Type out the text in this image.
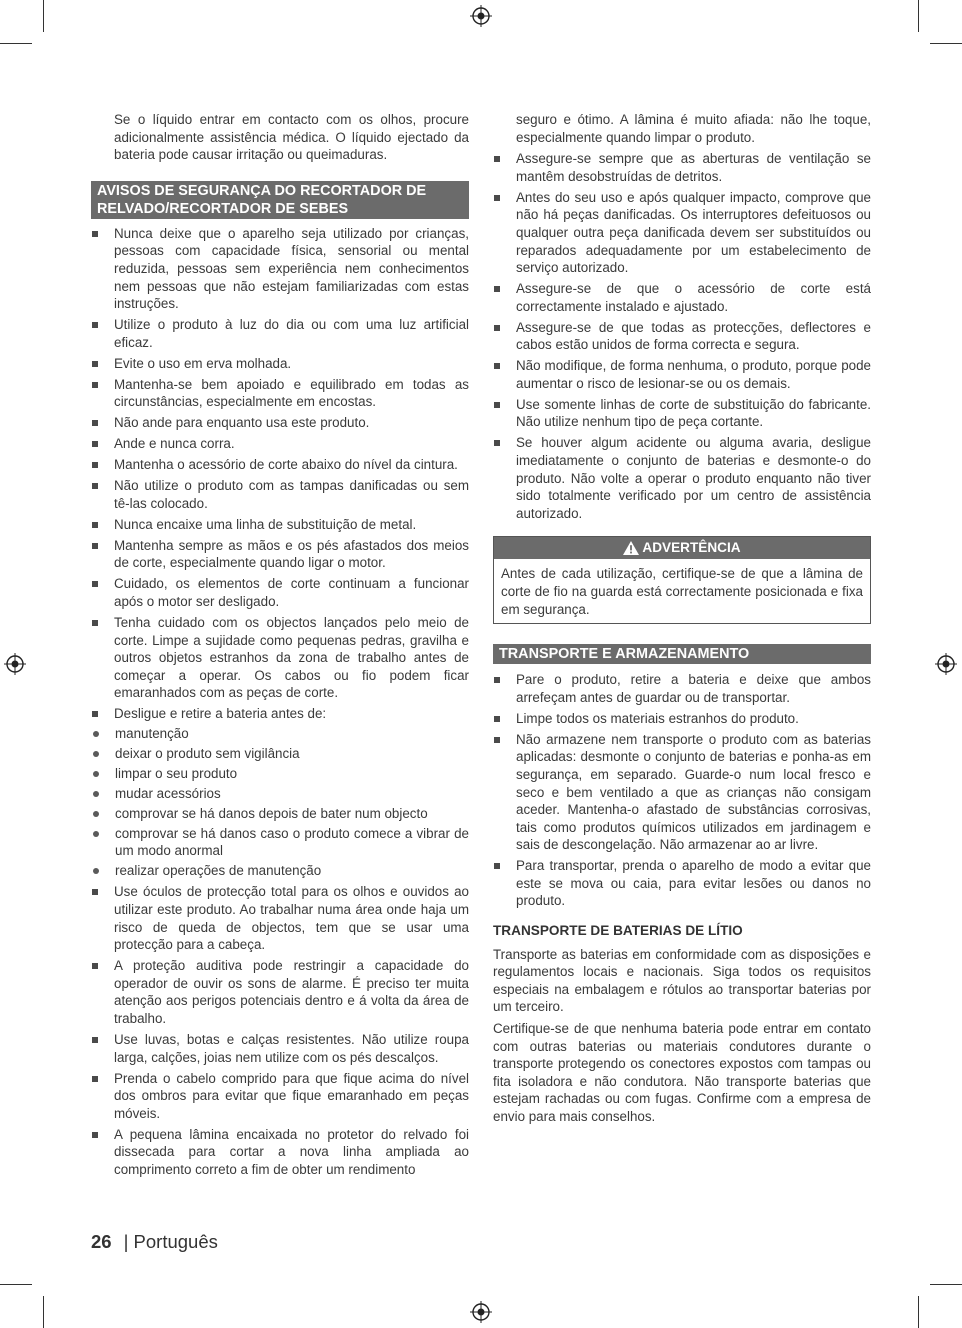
Se o líquido entrar em contacto com os olhos, procure adicionalmente assistência médica. O líquido ejectado da bateria pode causar irritação ou queimaduras.

AVISOS DE SEGURANÇA DO RECORTADOR DE RELVADO/RECORTADOR DE SEBES
Nunca deixe que o aparelho seja utilizado por crianças, pessoas com capacidade física, sensorial ou mental reduzida, pessoas sem experiência nem conhecimentos nem pessoas que não estejam familiarizadas com estas instruções.
Utilize o produto à luz do dia ou com uma luz artificial eficaz.
Evite o uso em erva molhada.
Mantenha-se bem apoiado e equilibrado em todas as circunstâncias, especialmente em encostas.
Não ande para enquanto usa este produto.
Ande e nunca corra.
Mantenha o acessório de corte abaixo do nível da cintura.
Não utilize o produto com as tampas danificadas ou sem tê-las colocado.
Nunca encaixe uma linha de substituição de metal.
Mantenha sempre as mãos e os pés afastados dos meios de corte, especialmente quando ligar o motor.
Cuidado, os elementos de corte continuam a funcionar após o motor ser desligado.
Tenha cuidado com os objectos lançados pelo meio de corte. Limpe a sujidade como pequenas pedras, gravilha e outros objetos estranhos da zona de trabalho antes de começar a operar. Os cabos ou fio podem ficar emaranhados com as peças de corte.
Desligue e retire a bateria antes de:
manutenção
deixar o produto sem vigilância
limpar o seu produto
mudar acessórios
comprovar se há danos depois de bater num objecto
comprovar se há danos caso o produto comece a vibrar de um modo anormal
realizar operações de manutenção
Use óculos de protecção total para os olhos e ouvidos ao utilizar este produto. Ao trabalhar numa área onde haja um risco de queda de objectos, tem que se usar uma protecção para a cabeça.
A proteção auditiva pode restringir a capacidade do operador de ouvir os sons de alarme. É preciso ter muita atenção aos perigos potenciais dentro e á volta da área de trabalho.
Use luvas, botas e calças resistentes. Não utilize roupa larga, calções, joias nem utilize com os pés descalços.
Prenda o cabelo comprido para que fique acima do nível dos ombros para evitar que fique emaranhado em peças móveis.
A pequena lâmina encaixada no protetor do relvado foi dissecada para cortar a nova linha ampliada ao comprimento correto a fim de obter um rendimento

seguro e ótimo. A lâmina é muito afiada: não lhe toque, especialmente quando limpar o produto.

Assegure-se sempre que as aberturas de ventilação se mantêm desobstruídas de detritos.
Antes do seu uso e após qualquer impacto, comprove que não há peças danificadas. Os interruptores defeituosos ou qualquer outra peça danificada devem ser substituídos ou reparados adequadamente por um estabelecimento de serviço autorizado.
Assegure-se de que o acessório de corte está correctamente instalado e ajustado.
Assegure-se de que todas as protecções, deflectores e cabos estão unidos de forma correcta e segura.
Não modifique, de forma nenhuma, o produto, porque pode aumentar o risco de lesionar-se ou os demais.
Use somente linhas de corte de substituição do fabricante. Não utilize nenhum tipo de peça cortante.
Se houver algum acidente ou alguma avaria, desligue imediatamente o conjunto de baterias e desmonte-o do produto. Não volte a operar o produto enquanto não tiver sido totalmente verificado por um centro de assistência autorizado.
ADVERTÊNCIA
Antes de cada utilização, certifique-se de que a lâmina de corte de fio na guarda está correctamente posicionada e fixa em segurança.
TRANSPORTE E ARMAZENAMENTO
Pare o produto, retire a bateria e deixe que ambos arrefeçam antes de guardar ou de transportar.
Limpe todos os materiais estranhos do produto.
Não armazene nem transporte o produto com as baterias aplicadas: desmonte o conjunto de baterias e ponha-as em segurança, em separado. Guarde-o num local fresco e seco e bem ventilado a que as crianças não consigam aceder. Mantenha-o afastado de substâncias corrosivas, tais como produtos químicos utilizados em jardinagem e sais de descongelação. Não armazenar ao ar livre.
Para transportar, prenda o aparelho de modo a evitar que este se mova ou caia, para evitar lesões ou danos no produto.
TRANSPORTE DE BATERIAS DE LÍTIO

Transporte as baterias em conformidade com as disposições e regulamentos locais e nacionais. Siga todos os requisitos especiais na embalagem e rótulos ao transportar baterias por um terceiro.

Certifique-se de que nenhuma bateria pode entrar em contato com outras baterias ou materiais condutores durante o transporte protegendo os conectores expostos com tampas ou fita isoladora e não condutora. Não transporte baterias que estejam rachadas ou com fugas. Confirme com a empresa de envio para mais conselhos.

26 | Português
